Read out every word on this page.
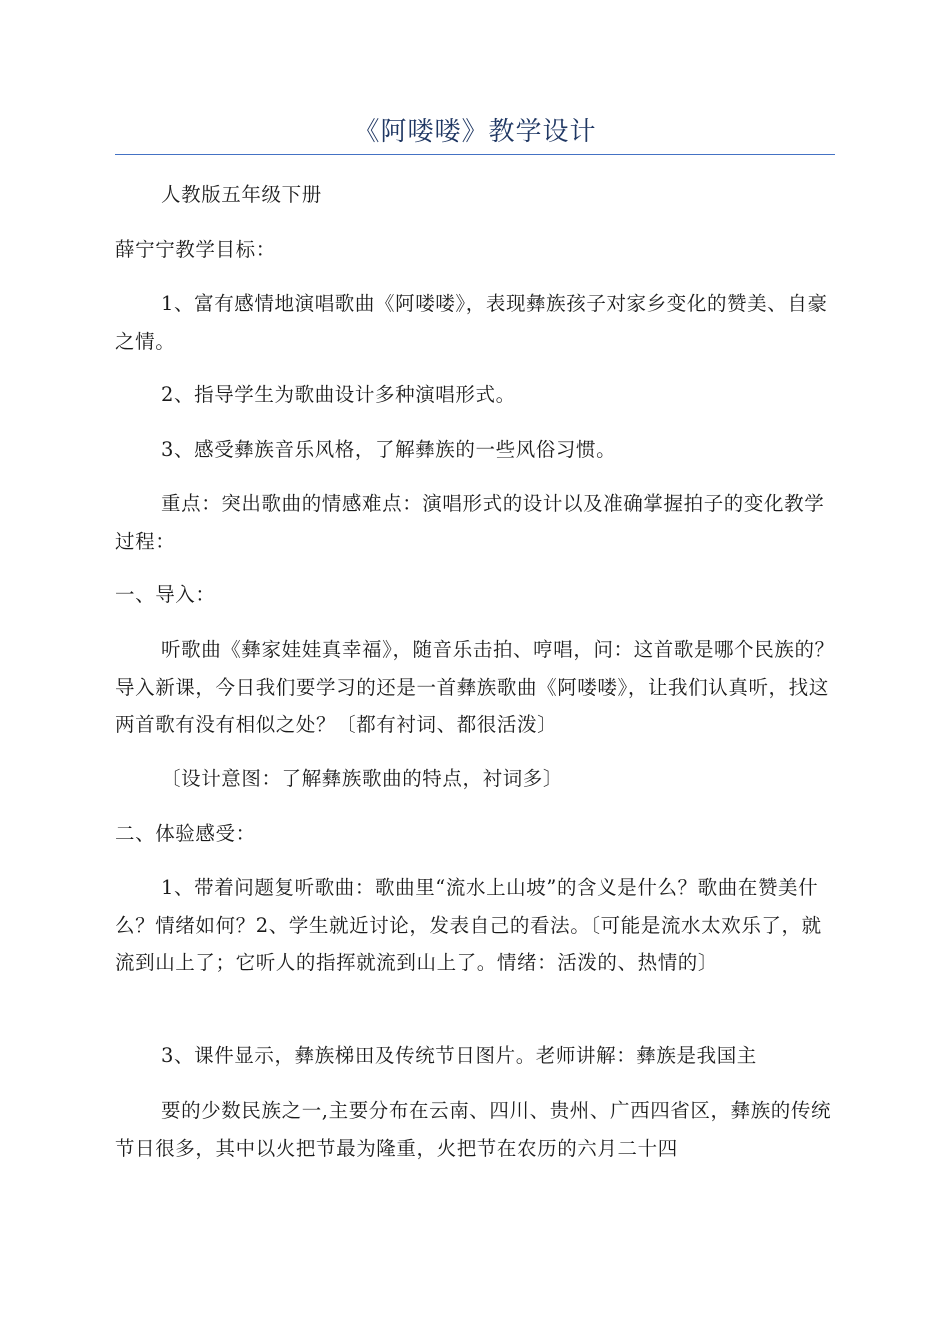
《阿喽喽》教学设计

人教版五年级下册

薛宁宁教学目标：

1、富有感情地演唱歌曲《阿喽喽》，表现彝族孩子对家乡变化的赞美、自豪之情。

2、指导学生为歌曲设计多种演唱形式。

3、感受彝族音乐风格，了解彝族的一些风俗习惯。

重点：突出歌曲的情感难点：演唱形式的设计以及准确掌握拍子的变化教学过程：

一、导入：

听歌曲《彝家娃娃真幸福》，随音乐击拍、哼唱，问：这首歌是哪个民族的？导入新课，今日我们要学习的还是一首彝族歌曲《阿喽喽》，让我们认真听，找这两首歌有没有相似之处？〔都有衬词、都很活泼〕

〔设计意图：了解彝族歌曲的特点，衬词多〕

二、体验感受：

1、带着问题复听歌曲：歌曲里“流水上山坡”的含义是什么？歌曲在赞美什么？情绪如何？2、学生就近讨论，发表自己的看法。〔可能是流水太欢乐了，就流到山上了；它听人的指挥就流到山上了。情绪：活泼的、热情的〕

3、课件显示，彝族梯田及传统节日图片。老师讲解：彝族是我国主

要的少数民族之一,主要分布在云南、四川、贵州、广西四省区，彝族的传统节日很多，其中以火把节最为隆重，火把节在农历的六月二十四
